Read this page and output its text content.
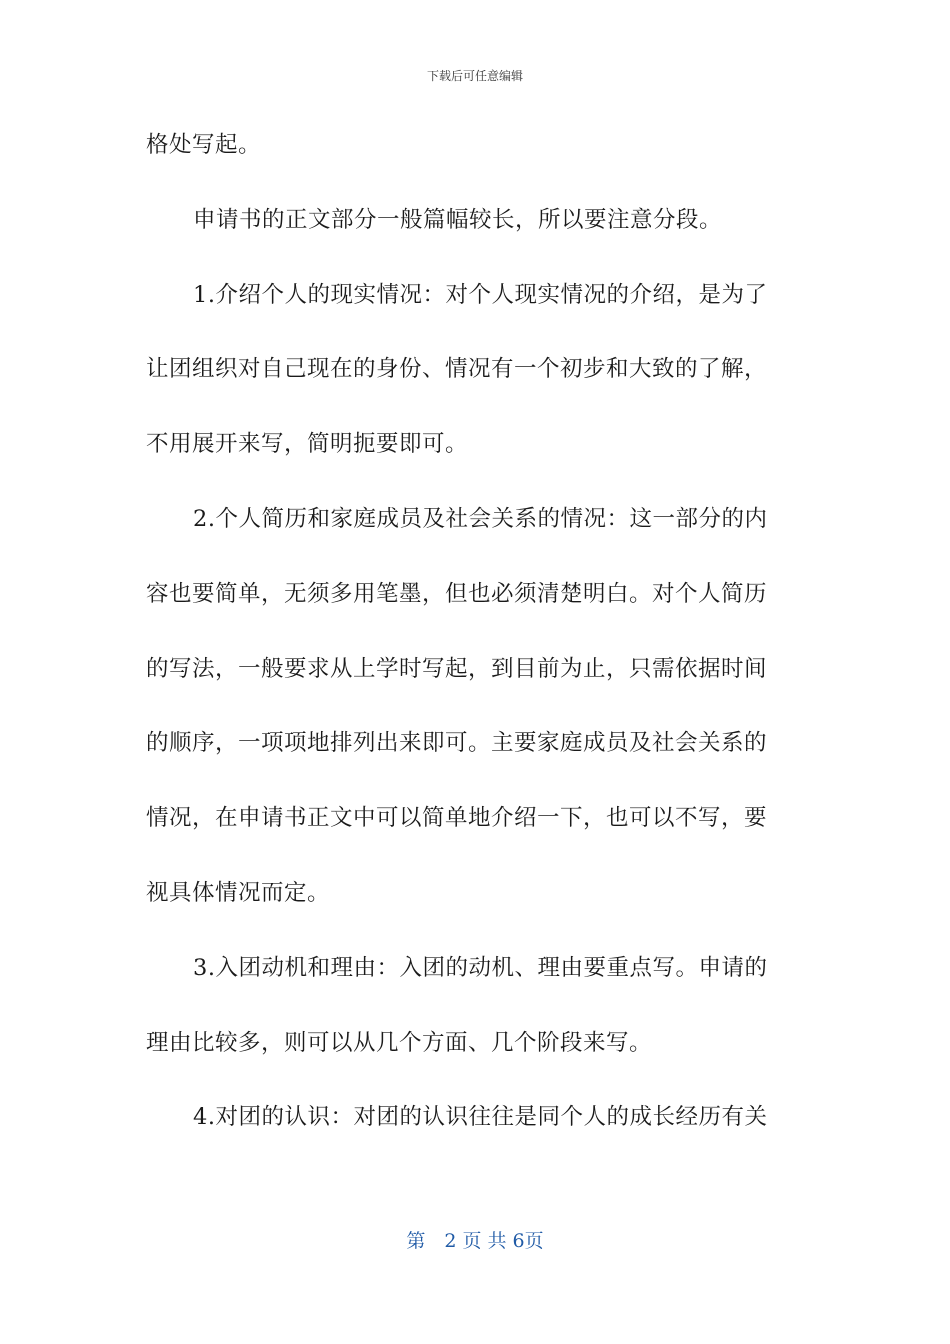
下载后可任意编辑
格处写起。
申请书的正文部分一般篇幅较长，所以要注意分段。
1.介绍个人的现实情况：对个人现实情况的介绍，是为了
让团组织对自己现在的身份、情况有一个初步和大致的了解，
不用展开来写，简明扼要即可。
2.个人简历和家庭成员及社会关系的情况：这一部分的内
容也要简单，无须多用笔墨，但也必须清楚明白。对个人简历
的写法，一般要求从上学时写起，到目前为止，只需依据时间
的顺序，一项项地排列出来即可。主要家庭成员及社会关系的
情况，在申请书正文中可以简单地介绍一下，也可以不写，要
视具体情况而定。
3.入团动机和理由：入团的动机、理由要重点写。申请的
理由比较多，则可以从几个方面、几个阶段来写。
4.对团的认识：对团的认识往往是同个人的成长经历有关
第　2 页 共 6页
